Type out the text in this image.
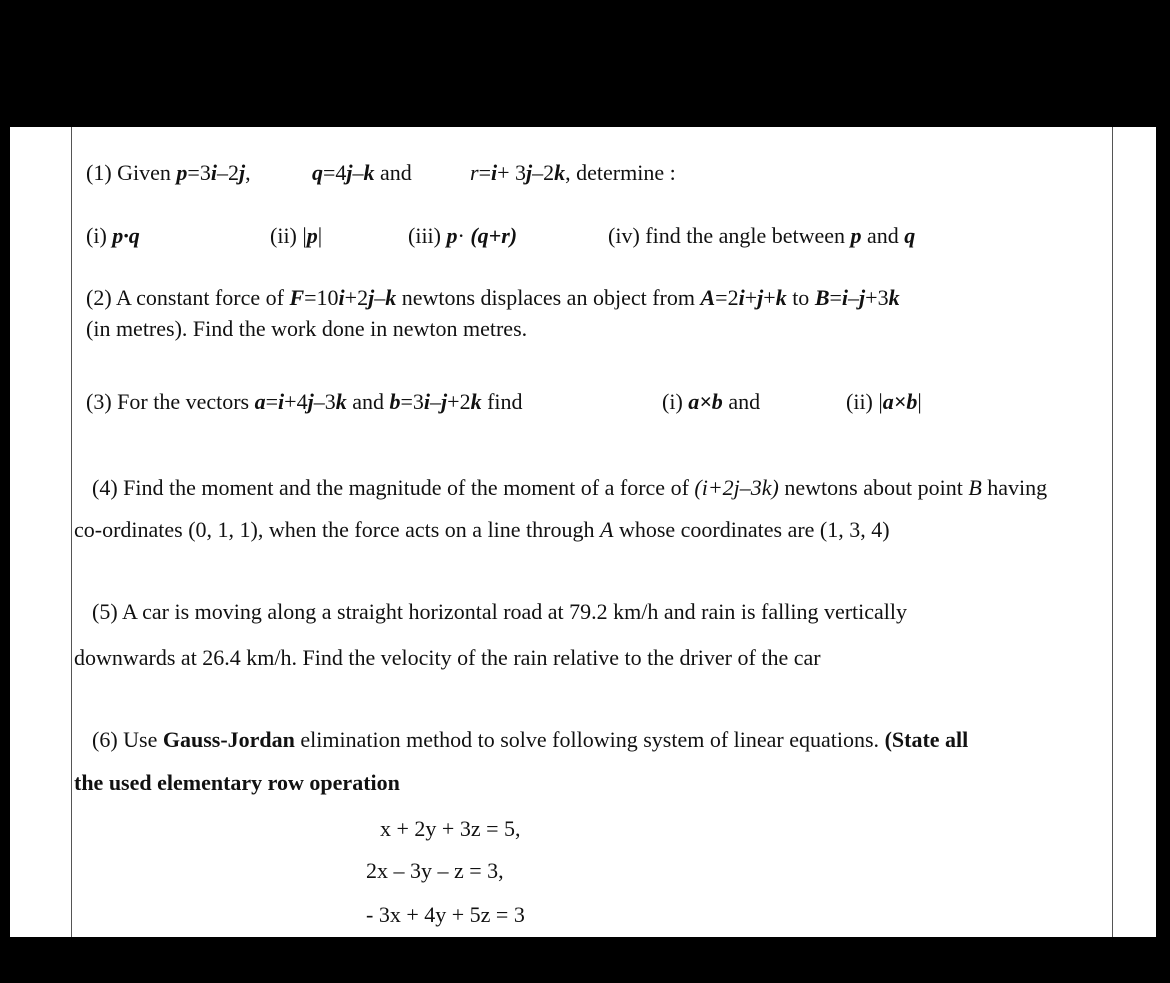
(1) Given p=3i–2j,	q=4j–k and	r=i+ 3j–2k, determine :
(i) p·q	(ii) |p|	(iii) p· (q+r)	(iv) find the angle between p and q
(2) A constant force of F=10i+2j–k newtons displaces an object from A=2i+j+k to B=i–j+3k
(in metres). Find the work done in newton metres.
(3) For the vectors a=i+4j–3k and b=3i–j+2k find	(i) a×b and	(ii) |a×b|
(4) Find the moment and the magnitude of the moment of a force of (i+2j–3k) newtons about point B having
co-ordinates (0, 1, 1), when the force acts on a line through A whose coordinates are (1, 3, 4)
(5) A car is moving along a straight horizontal road at 79.2 km/h and rain is falling vertically
downwards at 26.4 km/h. Find the velocity of the rain relative to the driver of the car
(6) Use Gauss-Jordan elimination method to solve following system of linear equations. (State all
the used elementary row operation
x + 2y + 3z = 5,
2x – 3y – z = 3,
- 3x + 4y + 5z = 3
